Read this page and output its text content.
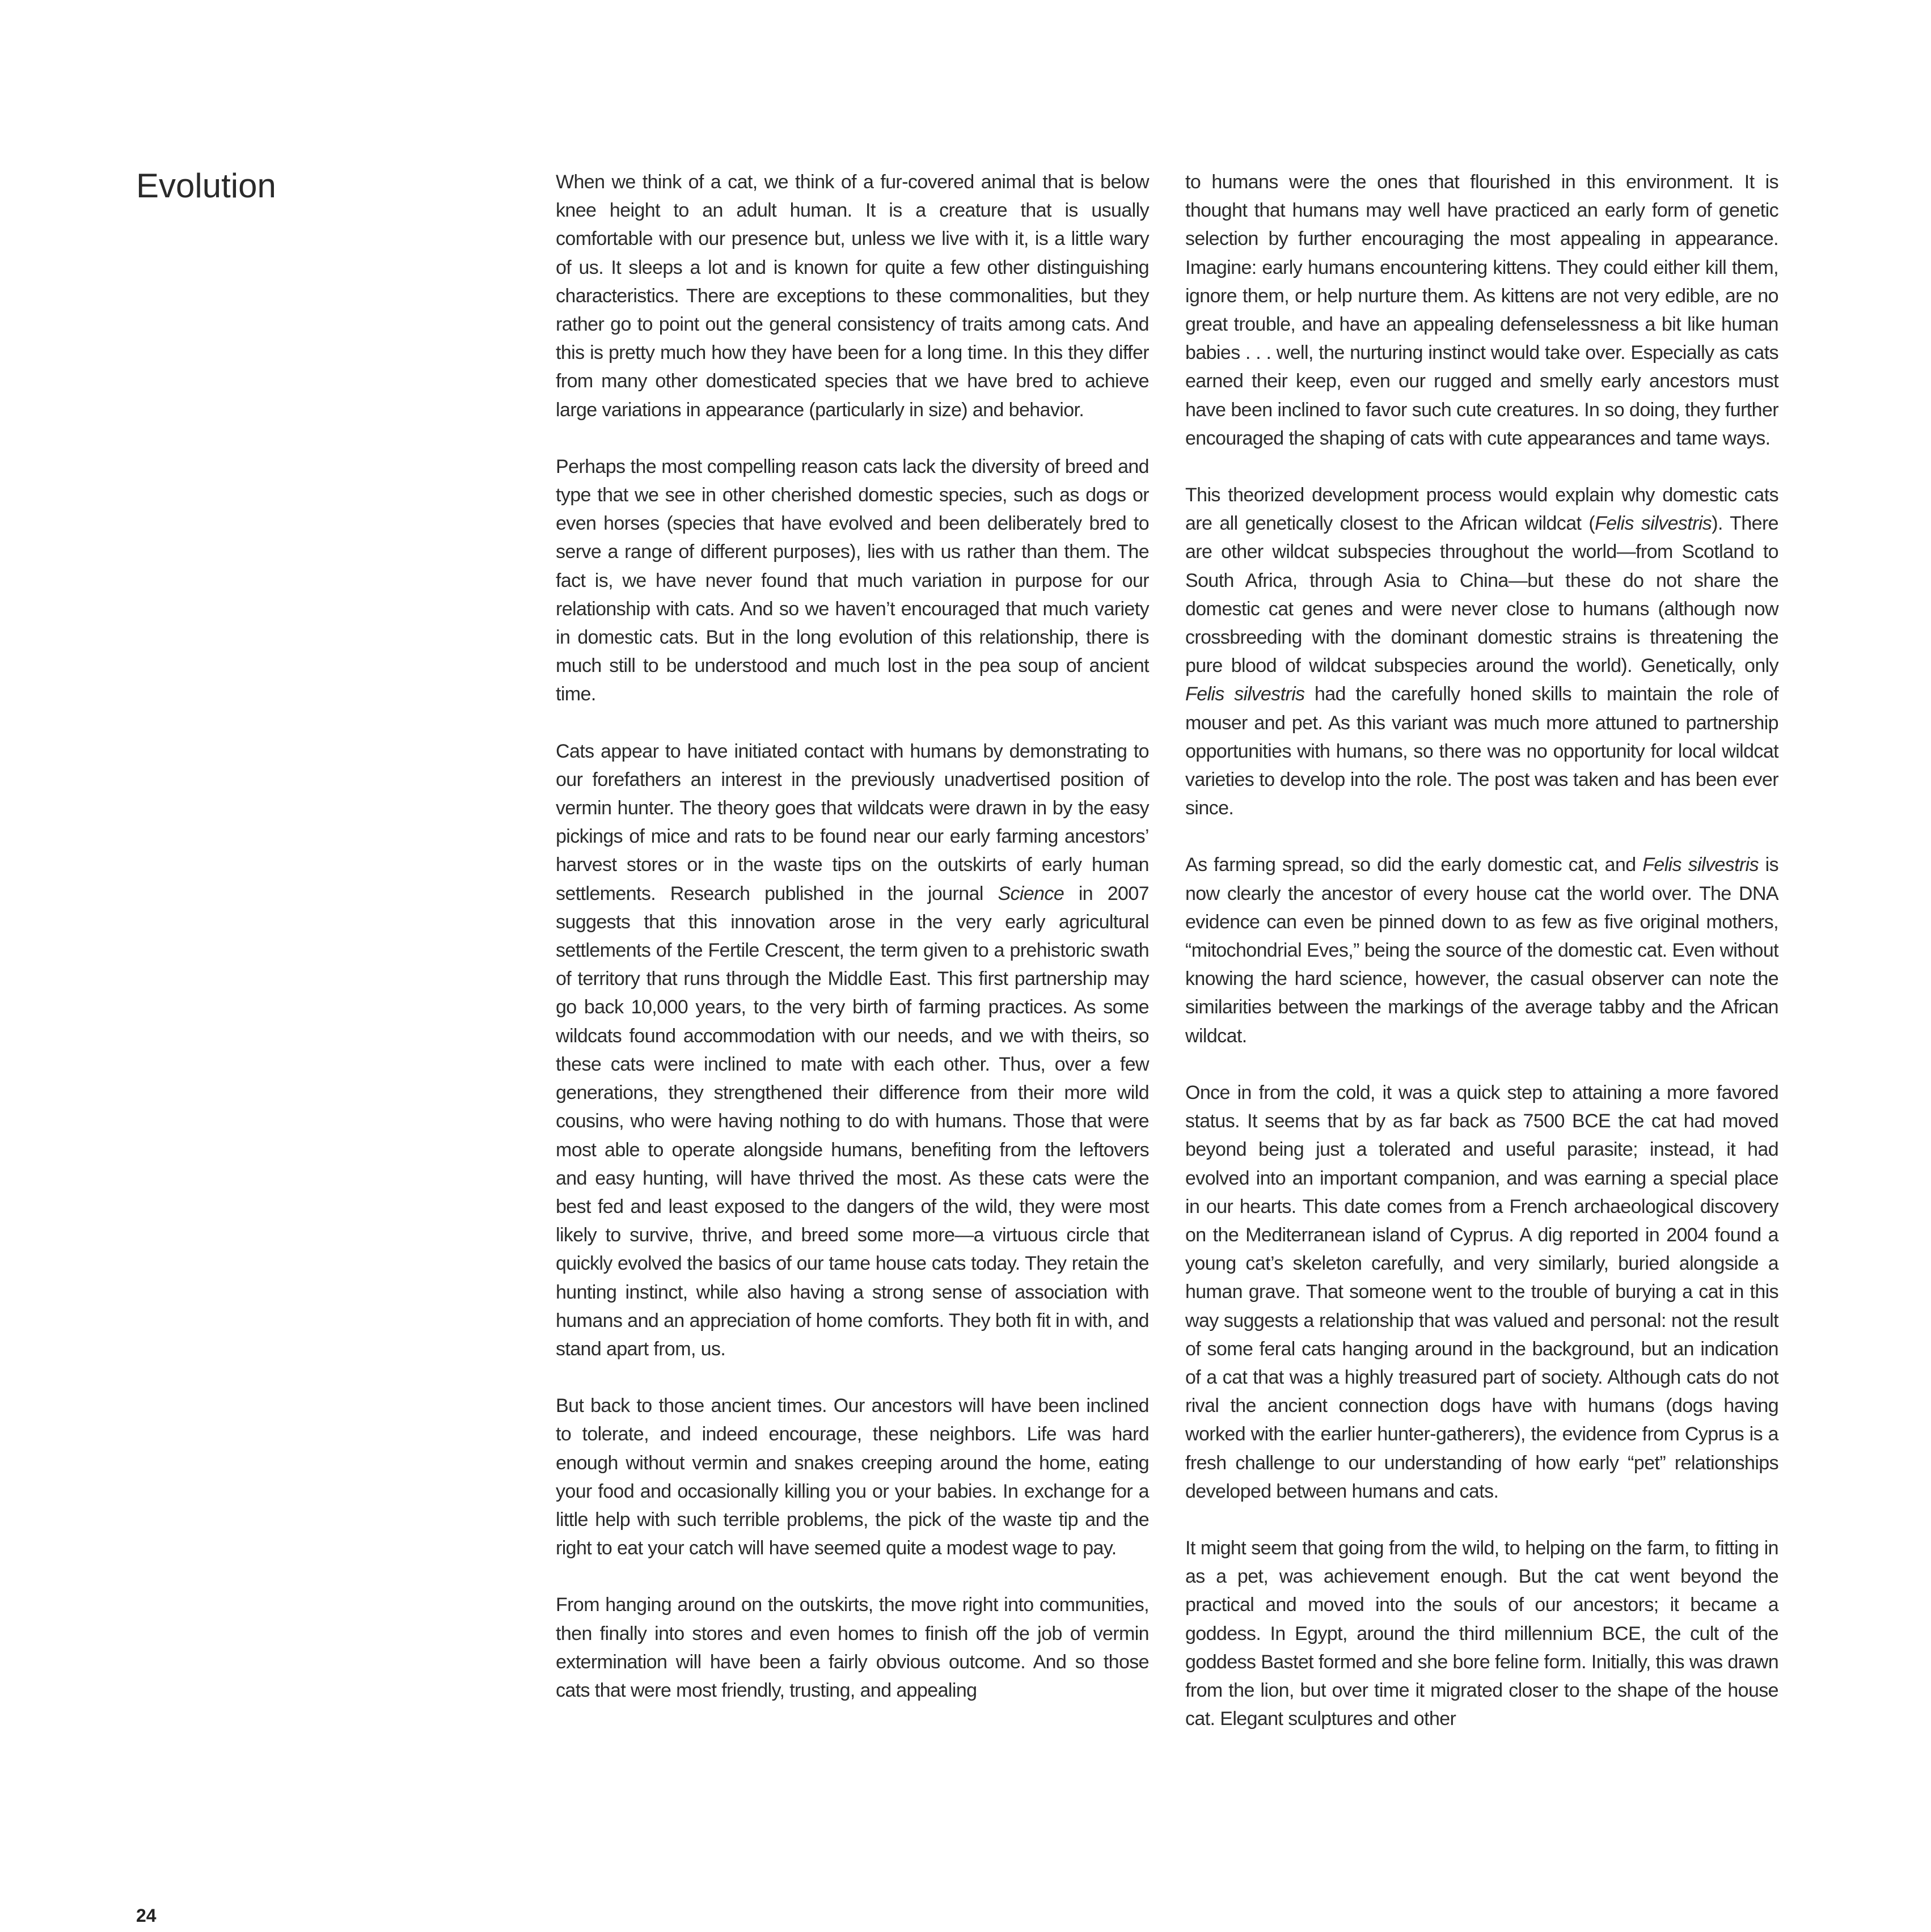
Evolution	When we think of a cat, we think of a fur-covered animal that is below knee height to an adult human. It is a creature that is usually comfortable with our presence but, unless we live with it, is a little wary of us. It sleeps a lot and is known for quite a few other distinguishing characteristics. There are exceptions to these commonalities, but they rather go to point out the general consistency of traits among cats. And this is pretty much how they have been for a long time. In this they differ from many other domesticated species that we have bred to achieve large variations in appearance (particularly in size) and behavior.

Perhaps the most compelling reason cats lack the diversity of breed and type that we see in other cherished domestic species, such as dogs or even horses (species that have evolved and been deliberately bred to serve a range of different purposes), lies with us rather than them. The fact is, we have never found that much variation in purpose for our relationship with cats. And so we haven’t encouraged that much variety in domestic cats. But in the long evolution of this relationship, there is much still to be understood and much lost in the pea soup of ancient time.

Cats appear to have initiated contact with humans by demonstrating to our forefathers an interest in the previously unadvertised position of vermin hunter. The theory goes that wildcats were drawn in by the easy pickings of mice and rats to be found near our early farming ancestors’ harvest stores or in the waste tips on the outskirts of early human settlements. Research published in the journal Science in 2007 suggests that this innovation arose in the very early agricultural settlements of the Fertile Crescent, the term given to a prehistoric swath of territory that runs through the Middle East. This first partnership may go back 10,000 years, to the very birth of farming practices. As some wildcats found accommodation with our needs, and we with theirs, so these cats were inclined to mate with each other. Thus, over a few generations, they strengthened their difference from their more wild cousins, who were having nothing to do with humans. Those that were most able to operate alongside humans, benefiting from the leftovers and easy hunting, will have thrived the most. As these cats were the best fed and least exposed to the dangers of the wild, they were most likely to survive, thrive, and breed some more—a virtuous circle that quickly evolved the basics of our tame house cats today. They retain the hunting instinct, while also having a strong sense of association with humans and an appreciation of home comforts. They both fit in with, and stand apart from, us.

But back to those ancient times. Our ancestors will have been inclined to tolerate, and indeed encourage, these neighbors. Life was hard enough without vermin and snakes creeping around the home, eating your food and occasionally killing you or your babies. In exchange for a little help with such terrible problems, the pick of the waste tip and the right to eat your catch will have seemed quite a modest wage to pay.

From hanging around on the outskirts, the move right into communities, then finally into stores and even homes to finish off the job of vermin extermination will have been a fairly obvious outcome. And so those cats that were most friendly, trusting, and appealing

to humans were the ones that flourished in this environment. It is thought that humans may well have practiced an early form of genetic selection by further encouraging the most appealing in appearance. Imagine: early humans encountering kittens. They could either kill them, ignore them, or help nurture them. As kittens are not very edible, are no great trouble, and have an appealing defenselessness a bit like human babies . . . well, the nurturing instinct would take over. Especially as cats earned their keep, even our rugged and smelly early ancestors must have been inclined to favor such cute creatures. In so doing, they further encouraged the shaping of cats with cute appearances and tame ways.

This theorized development process would explain why domestic cats are all genetically closest to the African wildcat (Felis silvestris). There are other wildcat subspecies throughout the world—from Scotland to South Africa, through Asia to China—but these do not share the domestic cat genes and were never close to humans (although now crossbreeding with the dominant domestic strains is threatening the pure blood of wildcat subspecies around the world). Genetically, only Felis silvestris had the carefully honed skills to maintain the role of mouser and pet. As this variant was much more attuned to partnership opportunities with humans, so there was no opportunity for local wildcat varieties to develop into the role. The post was taken and has been ever since.

As farming spread, so did the early domestic cat, and Felis silvestris is now clearly the ancestor of every house cat the world over. The DNA evidence can even be pinned down to as few as five original mothers, “mitochondrial Eves,” being the source of the domestic cat. Even without knowing the hard science, however, the casual observer can note the similarities between the markings of the average tabby and the African wildcat.

Once in from the cold, it was a quick step to attaining a more favored status. It seems that by as far back as 7500 BCE the cat had moved beyond being just a tolerated and useful parasite; instead, it had evolved into an important companion, and was earning a special place in our hearts. This date comes from a French archaeological discovery on the Mediterranean island of Cyprus. A dig reported in 2004 found a young cat’s skeleton carefully, and very similarly, buried alongside a human grave. That someone went to the trouble of burying a cat in this way suggests a relationship that was valued and personal: not the result of some feral cats hanging around in the background, but an indication of a cat that was a highly treasured part of society. Although cats do not rival the ancient connection dogs have with humans (dogs having worked with the earlier hunter-gatherers), the evidence from Cyprus is a fresh challenge to our understanding of how early “pet” relationships developed between humans and cats.

It might seem that going from the wild, to helping on the farm, to fitting in as a pet, was achievement enough. But the cat went beyond the practical and moved into the souls of our ancestors; it became a goddess. In Egypt, around the third millennium BCE, the cult of the goddess Bastet formed and she bore feline form. Initially, this was drawn from the lion, but over time it migrated closer to the shape of the house cat. Elegant sculptures and other

24
